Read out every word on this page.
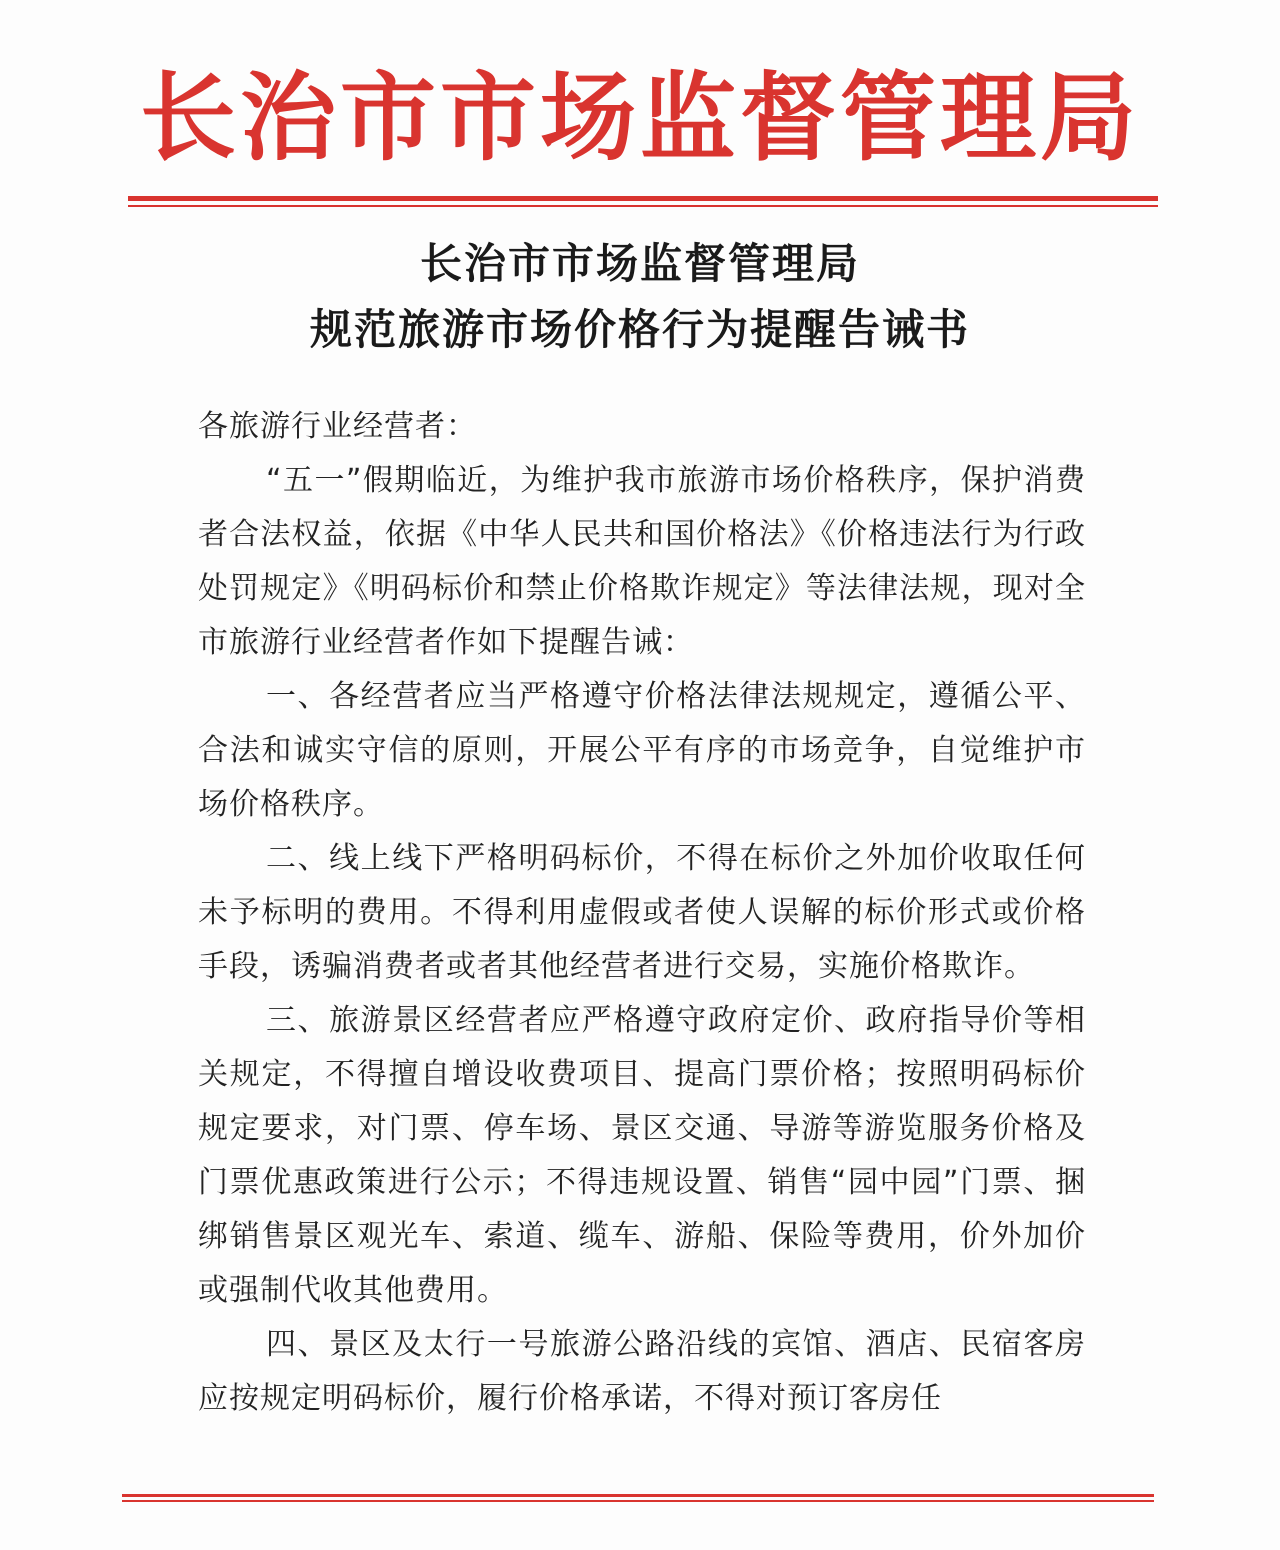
长治市市场监督管理局
长治市市场监督管理局
规范旅游市场价格行为提醒告诫书

各旅游行业经营者：

“五一”假期临近，为维护我市旅游市场价格秩序，保护消费者合法权益，依据《中华人民共和国价格法》《价格违法行为行政处罚规定》《明码标价和禁止价格欺诈规定》等法律法规，现对全市旅游行业经营者作如下提醒告诫：

一、各经营者应当严格遵守价格法律法规规定，遵循公平、合法和诚实守信的原则，开展公平有序的市场竞争，自觉维护市场价格秩序。

二、线上线下严格明码标价，不得在标价之外加价收取任何未予标明的费用。不得利用虚假或者使人误解的标价形式或价格手段，诱骗消费者或者其他经营者进行交易，实施价格欺诈。

三、旅游景区经营者应严格遵守政府定价、政府指导价等相关规定，不得擅自增设收费项目、提高门票价格；按照明码标价规定要求，对门票、停车场、景区交通、导游等游览服务价格及门票优惠政策进行公示；不得违规设置、销售“园中园”门票、捆绑销售景区观光车、索道、缆车、游船、保险等费用，价外加价或强制代收其他费用。

四、景区及太行一号旅游公路沿线的宾馆、酒店、民宿客房应按规定明码标价，履行价格承诺，不得对预订客房任
